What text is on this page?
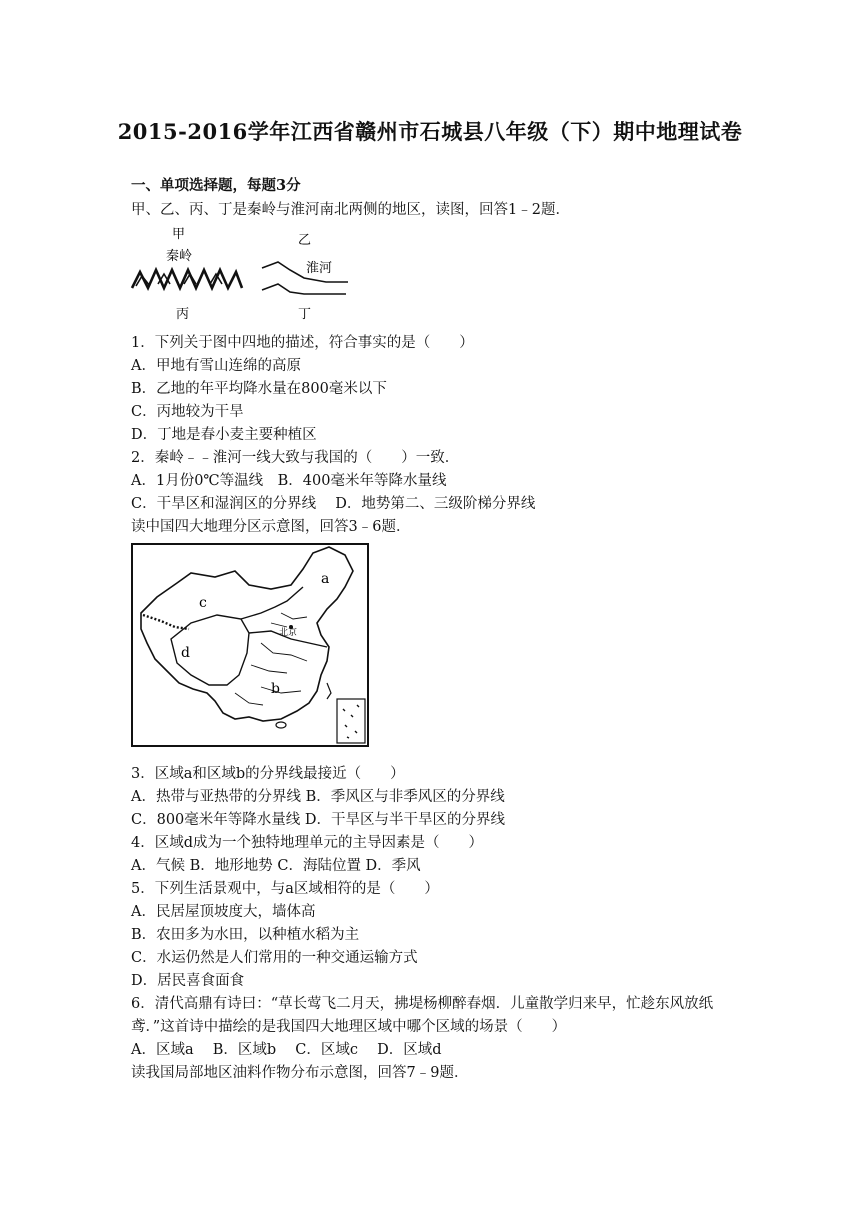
2015-2016学年江西省赣州市石城县八年级（下）期中地理试卷
一、单项选择题，每题3分
甲、乙、丙、丁是秦岭与淮河南北两侧的地区，读图，回答1﹣2题．
甲
秦岭
丙
乙
淮河
丁
1．下列关于图中四地的描述，符合事实的是（　　）
A．甲地有雪山连绵的高原
B．乙地的年平均降水量在800毫米以下
C．丙地较为干旱
D．丁地是春小麦主要种植区
2．秦岭﹣﹣淮河一线大致与我国的（　　）一致．
A．1月份0℃等温线　B．400毫米年等降水量线
C．干旱区和湿润区的分界线　 D．地势第二、三级阶梯分界线
读中国四大地理分区示意图，回答3﹣6题．
北京
a
b
c
d
3．区域a和区域b的分界线最接近（　　）
A．热带与亚热带的分界线 B．季风区与非季风区的分界线
C．800毫米年等降水量线 D．干旱区与半干旱区的分界线
4．区域d成为一个独特地理单元的主导因素是（　　）
A．气候 B．地形地势 C．海陆位置 D．季风
5．下列生活景观中，与a区域相符的是（　　）
A．民居屋顶坡度大，墙体高
B．农田多为水田，以种植水稻为主
C．水运仍然是人们常用的一种交通运输方式
D．居民喜食面食
6．清代高鼎有诗曰：“草长莺飞二月天，拂堤杨柳醉春烟．儿童散学归来早，忙趁东风放纸
鸢．”这首诗中描绘的是我国四大地理区域中哪个区域的场景（　　）
A．区域a　 B．区域b　 C．区域c　 D．区域d
读我国局部地区油料作物分布示意图，回答7﹣9题．
